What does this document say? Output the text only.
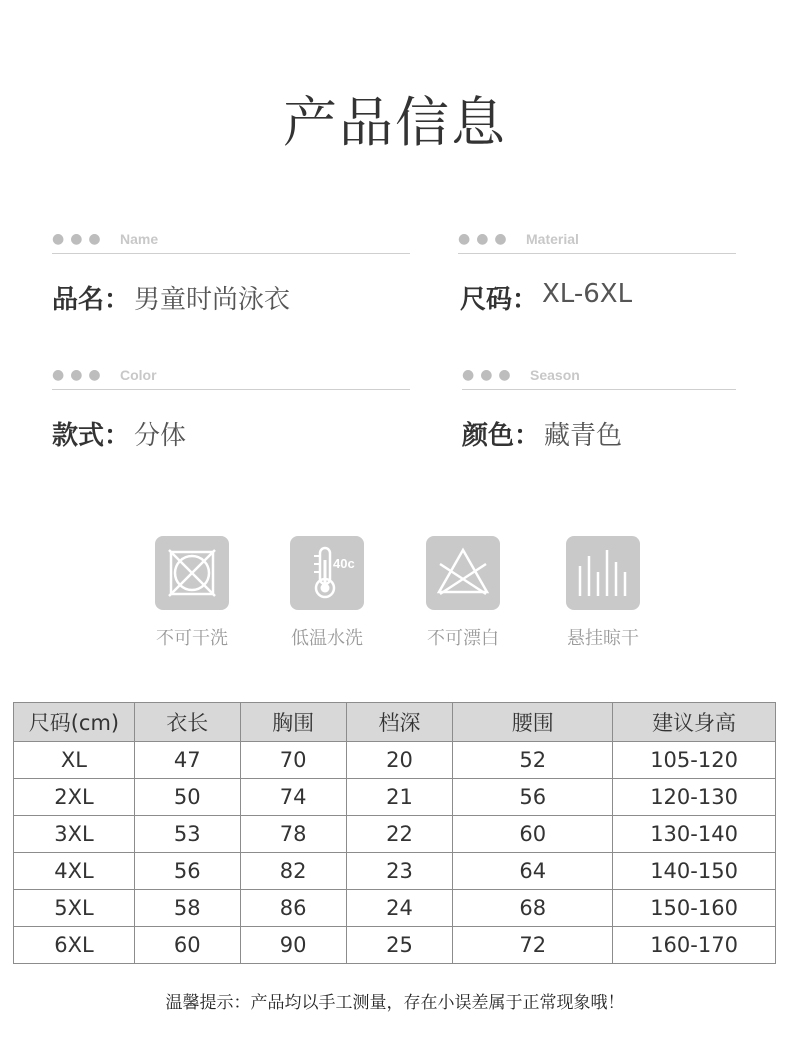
产品信息
●●● Name
品名： 男童时尚泳衣
●●● Material
尺码： XL-6XL
●●● Color
款式： 分体
●●● Season
颜色： 藏青色
不可干洗
40c
低温水洗	不可漂白	悬挂晾干
尺码(cm)	衣长	胸围	档深	腰围	建议身高
XL	47	70	20	52	105-120
2XL	50	74	21	56	120-130
3XL	53	78	22	60	130-140
4XL	56	82	23	64	140-150
5XL	58	86	24	68	150-160
6XL	60	90	25	72	160-170
温馨提示：产品均以手工测量，存在小误差属于正常现象哦！
